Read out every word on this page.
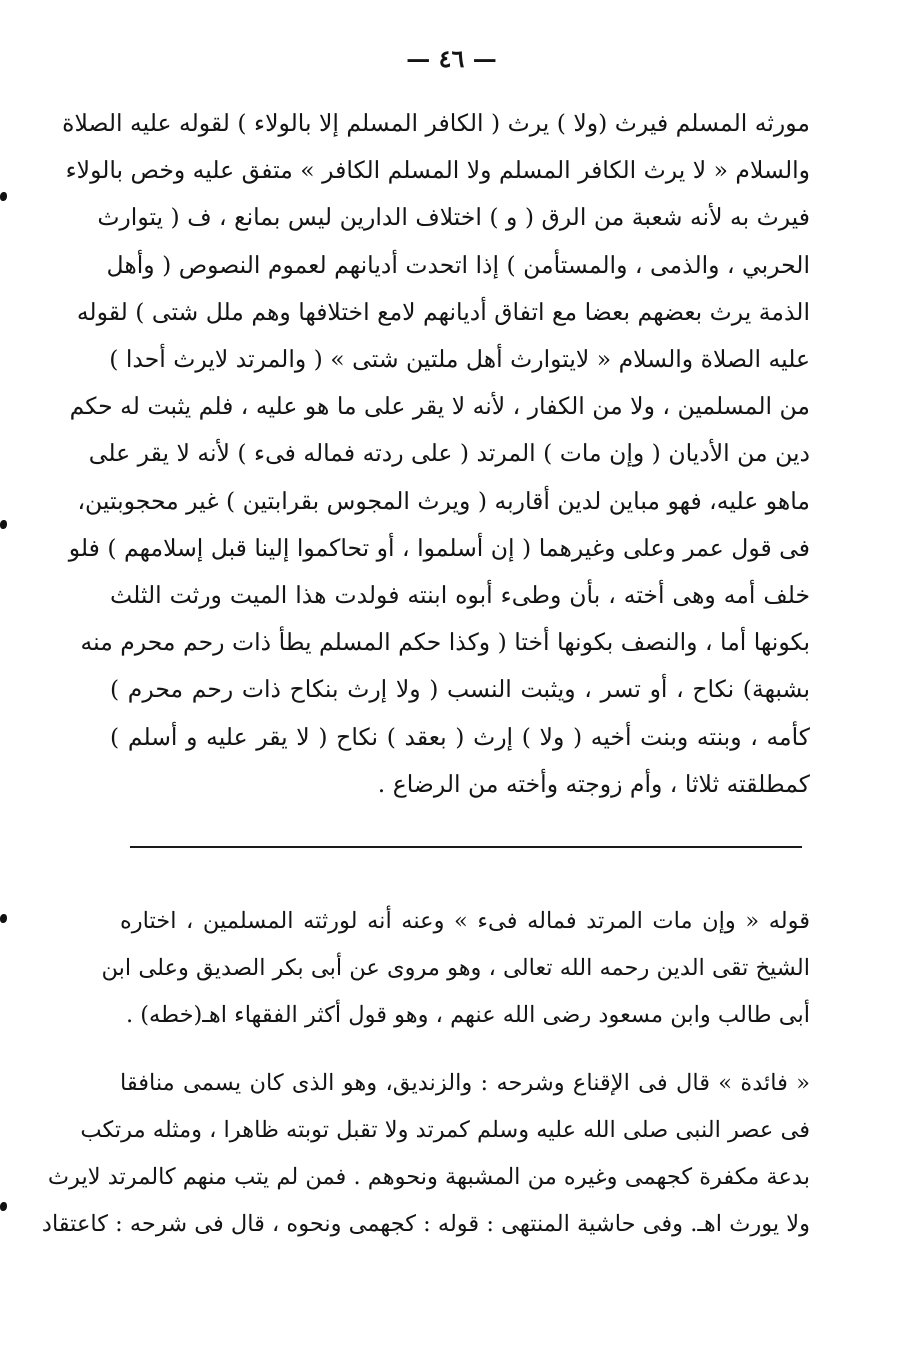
— ٤٦ —
مورثه المسلم فيرث (ولا ) يرث ( الكافر المسلم إلا بالولاء ) لقوله عليه الصلاة
والسلام « لا يرث الكافر المسلم ولا المسلم الكافر » متفق عليه وخص بالولاء
فيرث به لأنه شعبة من الرق ( و ) اختلاف الدارين ليس بمانع ، ف ( يتوارث
الحربي ، والذمى ، والمستأمن ) إذا اتحدت أديانهم لعموم النصوص ( وأهل
الذمة يرث بعضهم بعضا مع اتفاق أديانهم لامع اختلافها وهم ملل شتى ) لقوله
عليه الصلاة والسلام « لايتوارث أهل ملتين شتى » ( والمرتد لايرث أحدا )
من المسلمين ، ولا من الكفار ، لأنه لا يقر على ما هو عليه ، فلم يثبت له حكم
دين من الأديان ( وإن مات ) المرتد ( على ردته فماله فىء ) لأنه لا يقر على
ماهو عليه، فهو مباين لدين أقاربه ( ويرث المجوس بقرابتين ) غير محجوبتين،
فى قول عمر وعلى وغيرهما ( إن أسلموا ، أو تحاكموا إلينا قبل إسلامهم ) فلو
خلف أمه وهى أخته ، بأن وطىء أبوه ابنته فولدت هذا الميت ورثت الثلث
بكونها أما ، والنصف بكونها أختا ( وكذا حكم المسلم يطأ ذات رحم محرم منه
بشبهة) نكاح ، أو تسر ، ويثبت النسب ( ولا إرث بنكاح ذات رحم محرم )
كأمه ، وبنته وبنت أخيه ( ولا ) إرث ( بعقد ) نكاح ( لا يقر عليه و أسلم )
كمطلقته ثلاثا ، وأم زوجته وأخته من الرضاع .
قوله « وإن مات المرتد فماله فىء » وعنه أنه لورثته المسلمين ، اختاره
الشيخ تقى الدين رحمه الله تعالى ، وهو مروى عن أبى بكر الصديق وعلى ابن
أبى طالب وابن مسعود رضى الله عنهم ، وهو قول أكثر الفقهاء اهـ(خطه) .
« فائدة » قال فى الإقناع وشرحه : والزنديق، وهو الذى كان يسمى منافقا
فى عصر النبى صلى الله عليه وسلم كمرتد ولا تقبل توبته ظاهرا ، ومثله مرتكب
بدعة مكفرة كجهمى وغيره من المشبهة ونحوهم . فمن لم يتب منهم كالمرتد لايرث
ولا يورث اهـ. وفى حاشية المنتهى : قوله : كجهمى ونحوه ، قال فى شرحه : كاعتقاد
